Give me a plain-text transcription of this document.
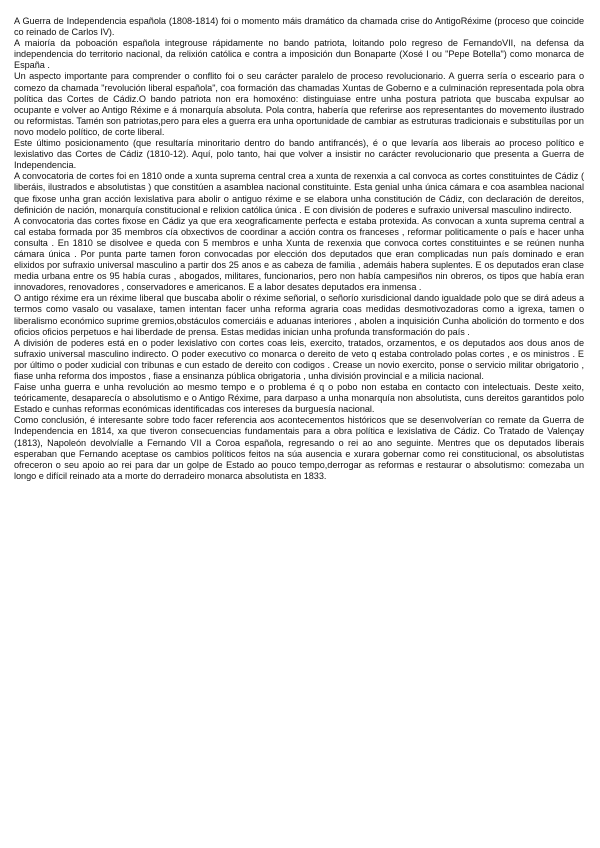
A Guerra de Independencia española (1808-1814) foi o momento máis dramático da chamada crise do AntigoRéxime (proceso que coincide co reinado de Carlos IV).

A maioría da poboación española integrouse rápidamente no bando patriota, loitando polo regreso de FernandoVII, na defensa da independencia do territorio nacional, da relixión católica e contra a imposición dun Bonaparte (Xosé I ou "Pepe Botella") como monarca de España .

Un aspecto importante para comprender o conflito foi o seu carácter paralelo de proceso revolucionario. A guerra sería o esceario para o comezo da chamada "revolución liberal española", coa formación das chamadas Xuntas de Goberno e a culminación representada pola obra política das Cortes de Cádiz.O bando patriota non era homoxéno: distinguiase entre unha postura patriota que buscaba expulsar ao ocupante e volver ao Antigo Réxime e á monarquía absoluta. Pola contra, habería que referirse aos representantes do movemento ilustrado ou reformistas. Tamén son patriotas,pero para eles a guerra era unha oportunidade de cambiar as estruturas tradicionais e substituílas por un novo modelo político, de corte liberal.

Este último posicionamento (que resultaría minoritario dentro do bando antifrancés), é o que levaría aos liberais ao proceso político e lexislativo das Cortes de Cádiz (1810-12). Aquí, polo tanto, hai que volver a insistir no carácter revolucionario que presenta a Guerra de Independencia.

A convocatoria de cortes foi en 1810 onde a xunta suprema central crea a xunta de rexenxia a cal convoca as cortes constituintes de Cádiz ( liberáis, ilustrados e absolutistas ) que constitúen a asamblea nacional constituinte. Esta genial unha única cámara e coa asamblea nacional que fixose unha gran acción lexislativa para abolir o antiguo réxime e se elabora unha constitución de Cádiz, con declaración de dereitos, definición de nación, monarquía constitucional e relixion católica única . E con división de poderes e sufraxio universal masculino indirecto.

A convocatoria das cortes fixose en Cádiz ya que era xeograficamente perfecta e estaba protexida. As convocan a xunta suprema central a cal estaba formada por 35 membros cía obxectivos de coordinar a acción contra os franceses , reformar politicamente o país e hacer unha consulta . En 1810 se disolvee e queda con 5 membros e unha Xunta de rexenxia que convoca cortes constituintes e se reúnen nunha cámara única . Por punta parte tamen foron convocadas por elección dos deputados que eran complicadas nun país dominado e eran elixidos por sufraxio universal masculino a partir dos 25 anos e as cabeza de familia , ademáis habera suplentes. E os deputados eran clase media urbana entre os 95 había curas , abogados, militares, funcionarios, pero non había campesiños nin obreros, os tipos que había eran innovadores, renovadores , conservadores e americanos. E a labor desates deputados era inmensa .

O antigo réxime era un réxime liberal que buscaba abolir o réxime señorial, o señorío xurisdicional dando igualdade polo que se dirá adeus a termos como vasalo ou vasalaxe, tamen intentan facer unha reforma agraria coas medidas desmotivozadoras como a igrexa, tamen o liberalismo económico suprime gremios,obstáculos comerciáis e aduanas interiores , abolen a inquisición Cunha abolición do tormento e dos oficios oficios perpetuos e hai liberdade de prensa. Estas medidas inician unha profunda transformación do país .

A división de poderes está en o poder lexislativo con cortes coas leis, exercito, tratados, orzamentos, e os deputados aos dous anos de sufraxio universal masculino indirecto. O poder executivo co monarca o dereito de veto q estaba controlado polas cortes , e os ministros . E por último o poder xudicial con tribunas e cun estado de dereito con codigos . Crease un novio exercito, ponse o servicio militar obrigatorio , fiase unha reforma dos impostos , fiase a ensinanza pública obrigatoria , unha división provincial e a milicia nacional.

Faise unha guerra e unha revolución ao mesmo tempo e o problema é q o pobo non estaba en contacto con intelectuais. Deste xeito, teóricamente, desaparecía o absolutismo e o Antigo Réxime, para darpaso a unha monarquía non absolutista, cuns dereitos garantidos polo Estado e cunhas reformas económicas identificadas cos intereses da burguesía nacional.

Como conclusión, é interesante sobre todo facer referencia aos acontecementos históricos que se desenvolverían co remate da Guerra de Independencia en 1814, xa que tiveron consecuencias fundamentais para a obra política e lexislativa de Cádiz. Co Tratado de Valençay (1813), Napoleón devolvíalle a Fernando VII a Coroa española, regresando o rei ao ano seguinte. Mentres que os deputados liberais esperaban que Fernando aceptase os cambios políticos feitos na súa ausencia e xurara gobernar como rei constitucional, os absolutistas ofreceron o seu apoio ao rei para dar un golpe de Estado ao pouco tempo,derrogar as reformas e restaurar o absolutismo: comezaba un longo e difícil reinado ata a morte do derradeiro monarca absolutista en 1833.
